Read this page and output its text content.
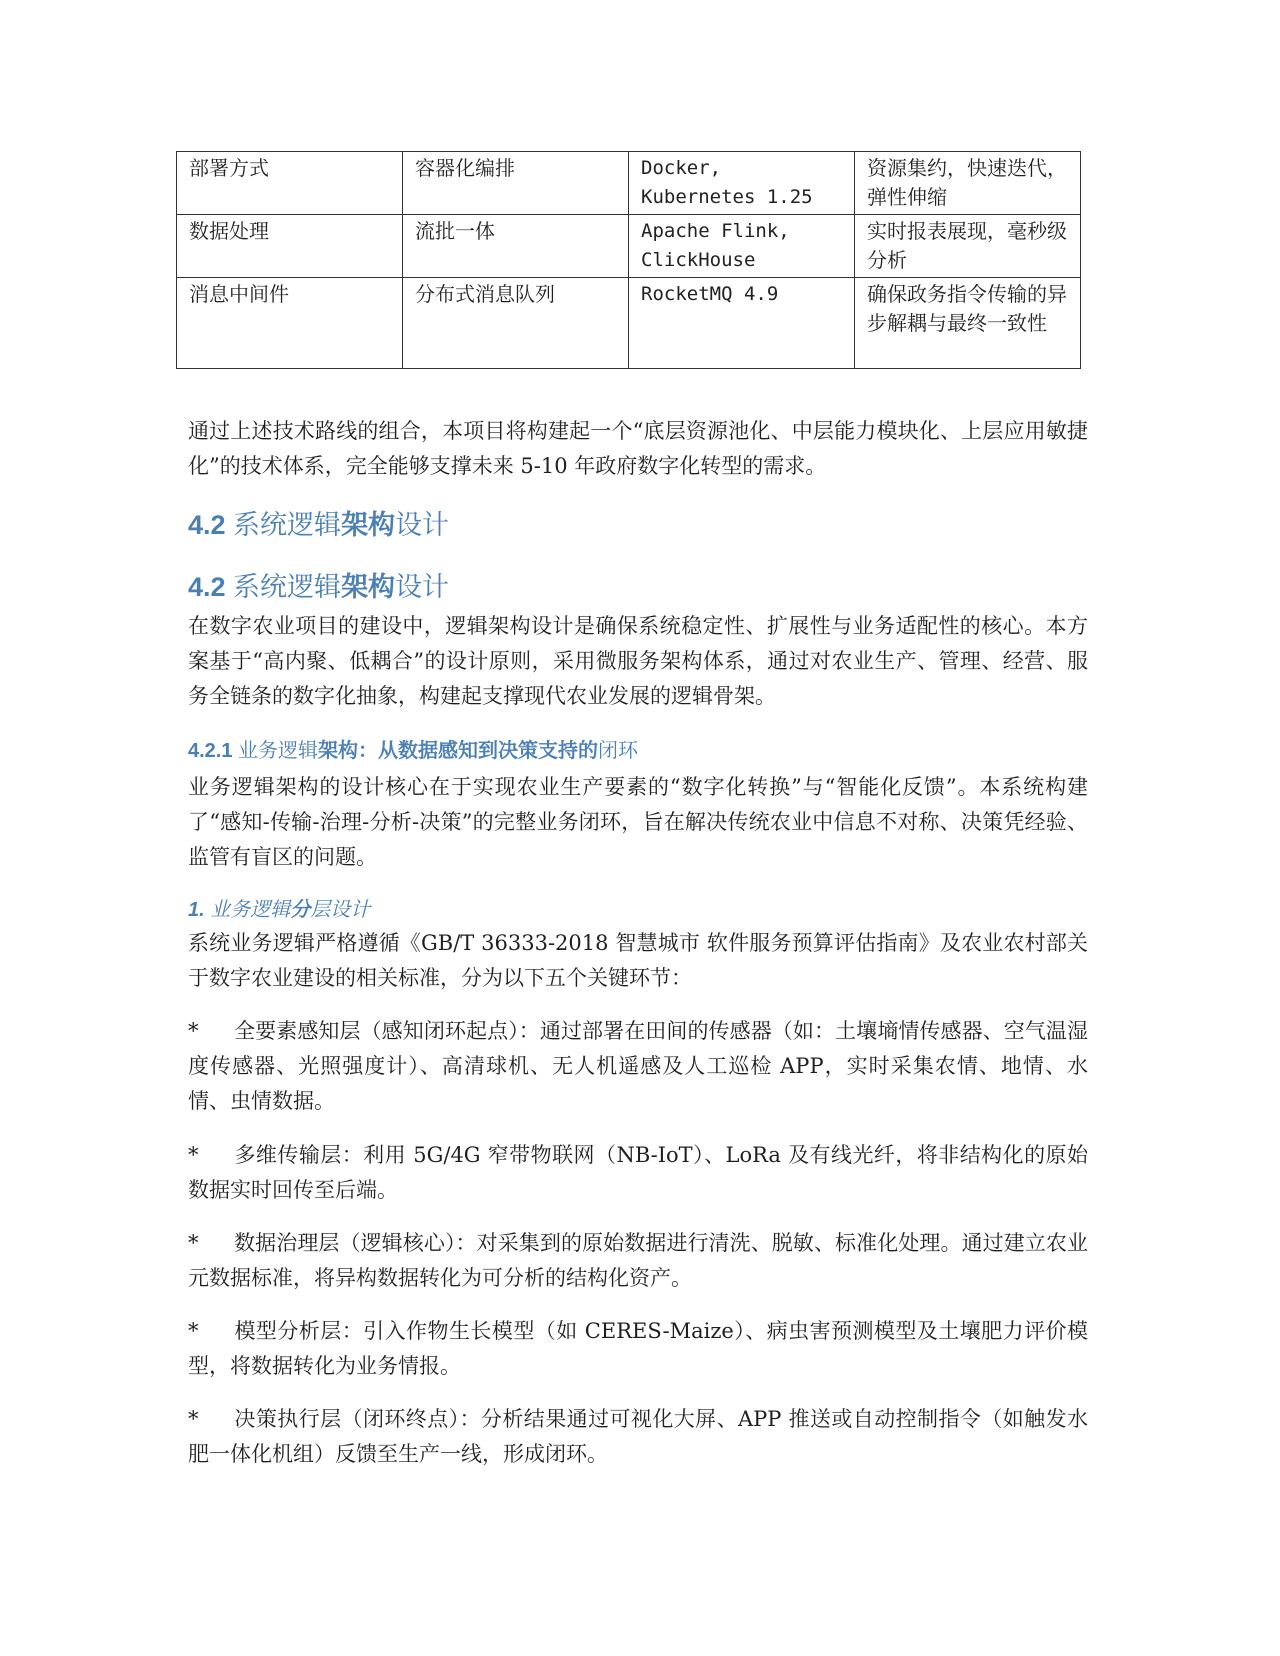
部署方式	容器化编排	Docker, Kubernetes 1.25	资源集约，快速迭代，弹性伸缩
数据处理	流批一体	Apache Flink, ClickHouse	实时报表展现，毫秒级分析
消息中间件	分布式消息队列	RocketMQ 4.9	确保政务指令传输的异步解耦与最终一致性
通过上述技术路线的组合，本项目将构建起一个“底层资源池化、中层能力模块化、上层应用敏捷化”的技术体系，完全能够支撑未来 5-10 年政府数字化转型的需求。
4.2 系统逻辑架构设计
4.2 系统逻辑架构设计
在数字农业项目的建设中，逻辑架构设计是确保系统稳定性、扩展性与业务适配性的核心。本方案基于“高内聚、低耦合”的设计原则，采用微服务架构体系，通过对农业生产、管理、经营、服务全链条的数字化抽象，构建起支撑现代农业发展的逻辑骨架。
4.2.1 业务逻辑架构：从数据感知到决策支持的闭环
业务逻辑架构的设计核心在于实现农业生产要素的“数字化转换”与“智能化反馈”。本系统构建了“感知-传输-治理-分析-决策”的完整业务闭环，旨在解决传统农业中信息不对称、决策凭经验、监管有盲区的问题。
1. 业务逻辑分层设计
系统业务逻辑严格遵循《GB/T 36333-2018 智慧城市 软件服务预算评估指南》及农业农村部关于数字农业建设的相关标准，分为以下五个关键环节：
* 全要素感知层（感知闭环起点）：通过部署在田间的传感器（如：土壤墒情传感器、空气温湿度传感器、光照强度计）、高清球机、无人机遥感及人工巡检 APP，实时采集农情、地情、水情、虫情数据。
* 多维传输层：利用 5G/4G 窄带物联网（NB-IoT）、LoRa 及有线光纤，将非结构化的原始数据实时回传至后端。
* 数据治理层（逻辑核心）：对采集到的原始数据进行清洗、脱敏、标准化处理。通过建立农业元数据标准，将异构数据转化为可分析的结构化资产。
* 模型分析层：引入作物生长模型（如 CERES-Maize）、病虫害预测模型及土壤肥力评价模型，将数据转化为业务情报。
* 决策执行层（闭环终点）：分析结果通过可视化大屏、APP 推送或自动控制指令（如触发水肥一体化机组）反馈至生产一线，形成闭环。
